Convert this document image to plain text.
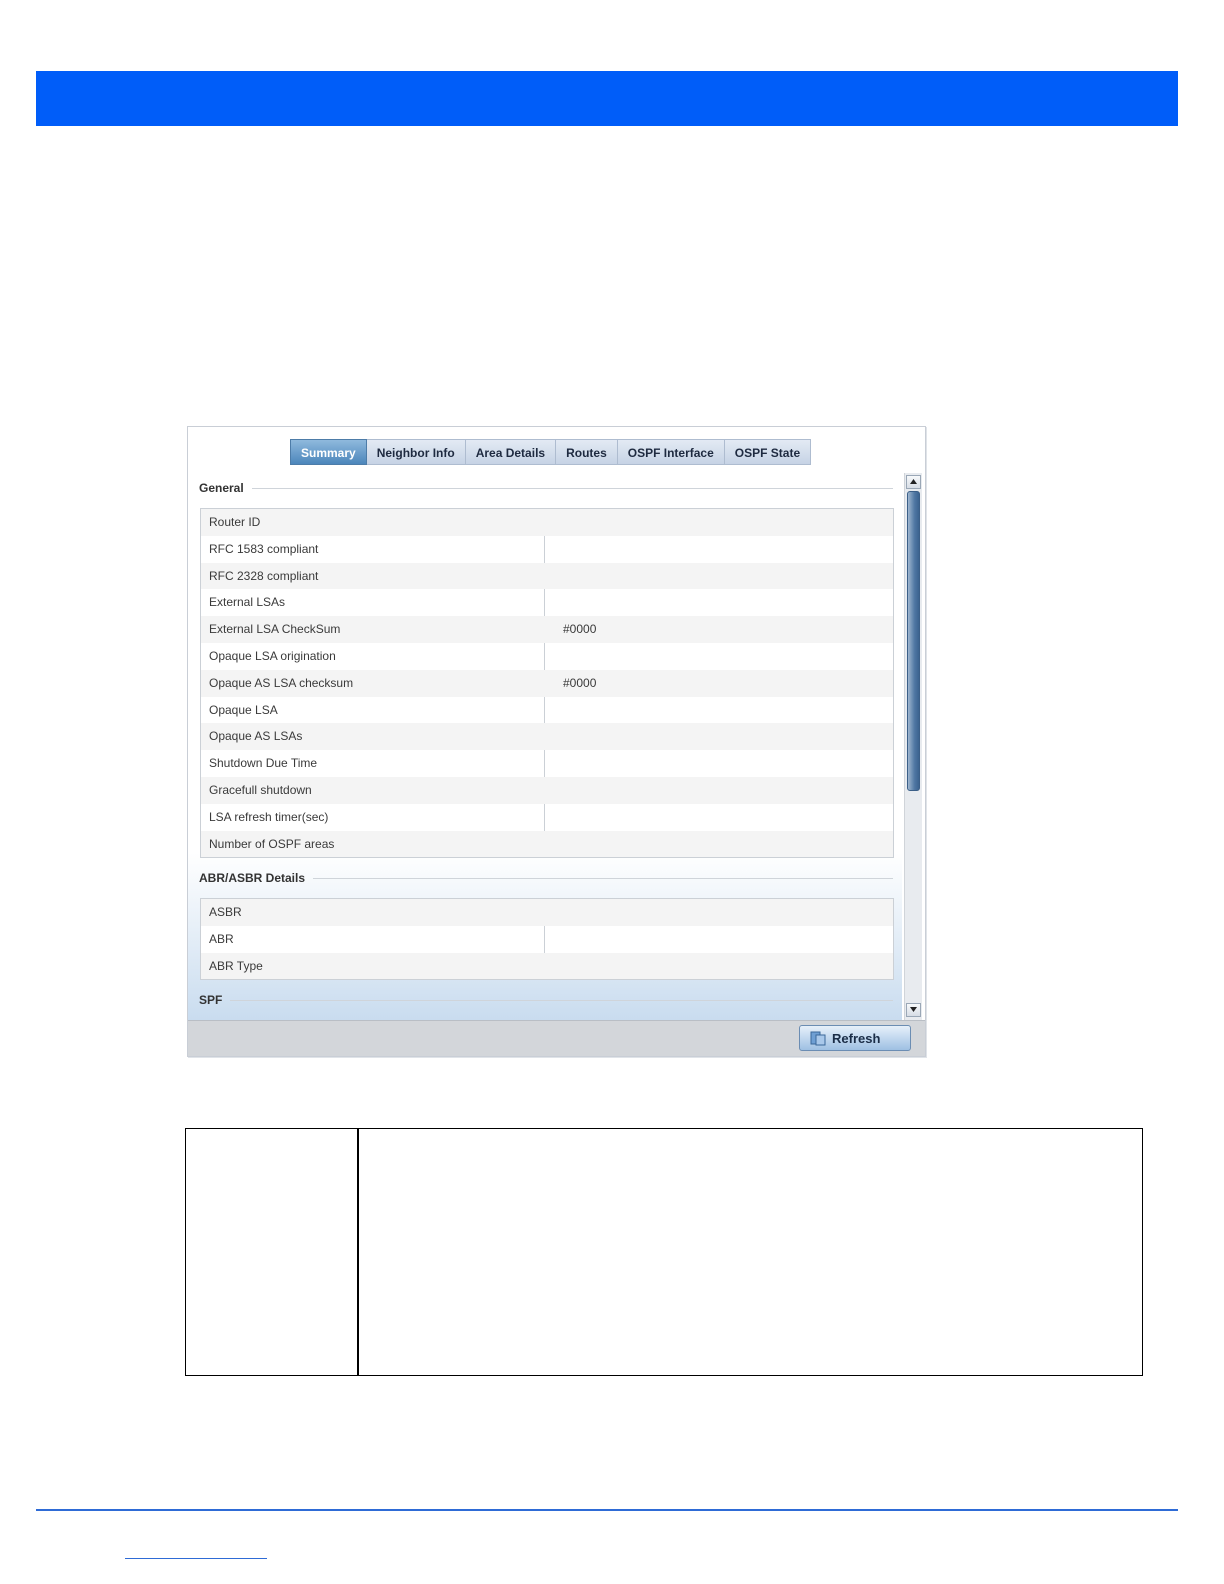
Summary	Neighbor Info	Area Details	Routes	OSPF Interface	OSPF State
General
Router ID
RFC 1583 compliant
RFC 2328 compliant
External LSAs
External LSA CheckSum	#0000
Opaque LSA origination
Opaque AS LSA checksum	#0000
Opaque LSA
Opaque AS LSAs
Shutdown Due Time
Gracefull shutdown
LSA refresh timer(sec)
Number of OSPF areas
ABR/ASBR Details
ASBR
ABR
ABR Type
SPF
Refresh
